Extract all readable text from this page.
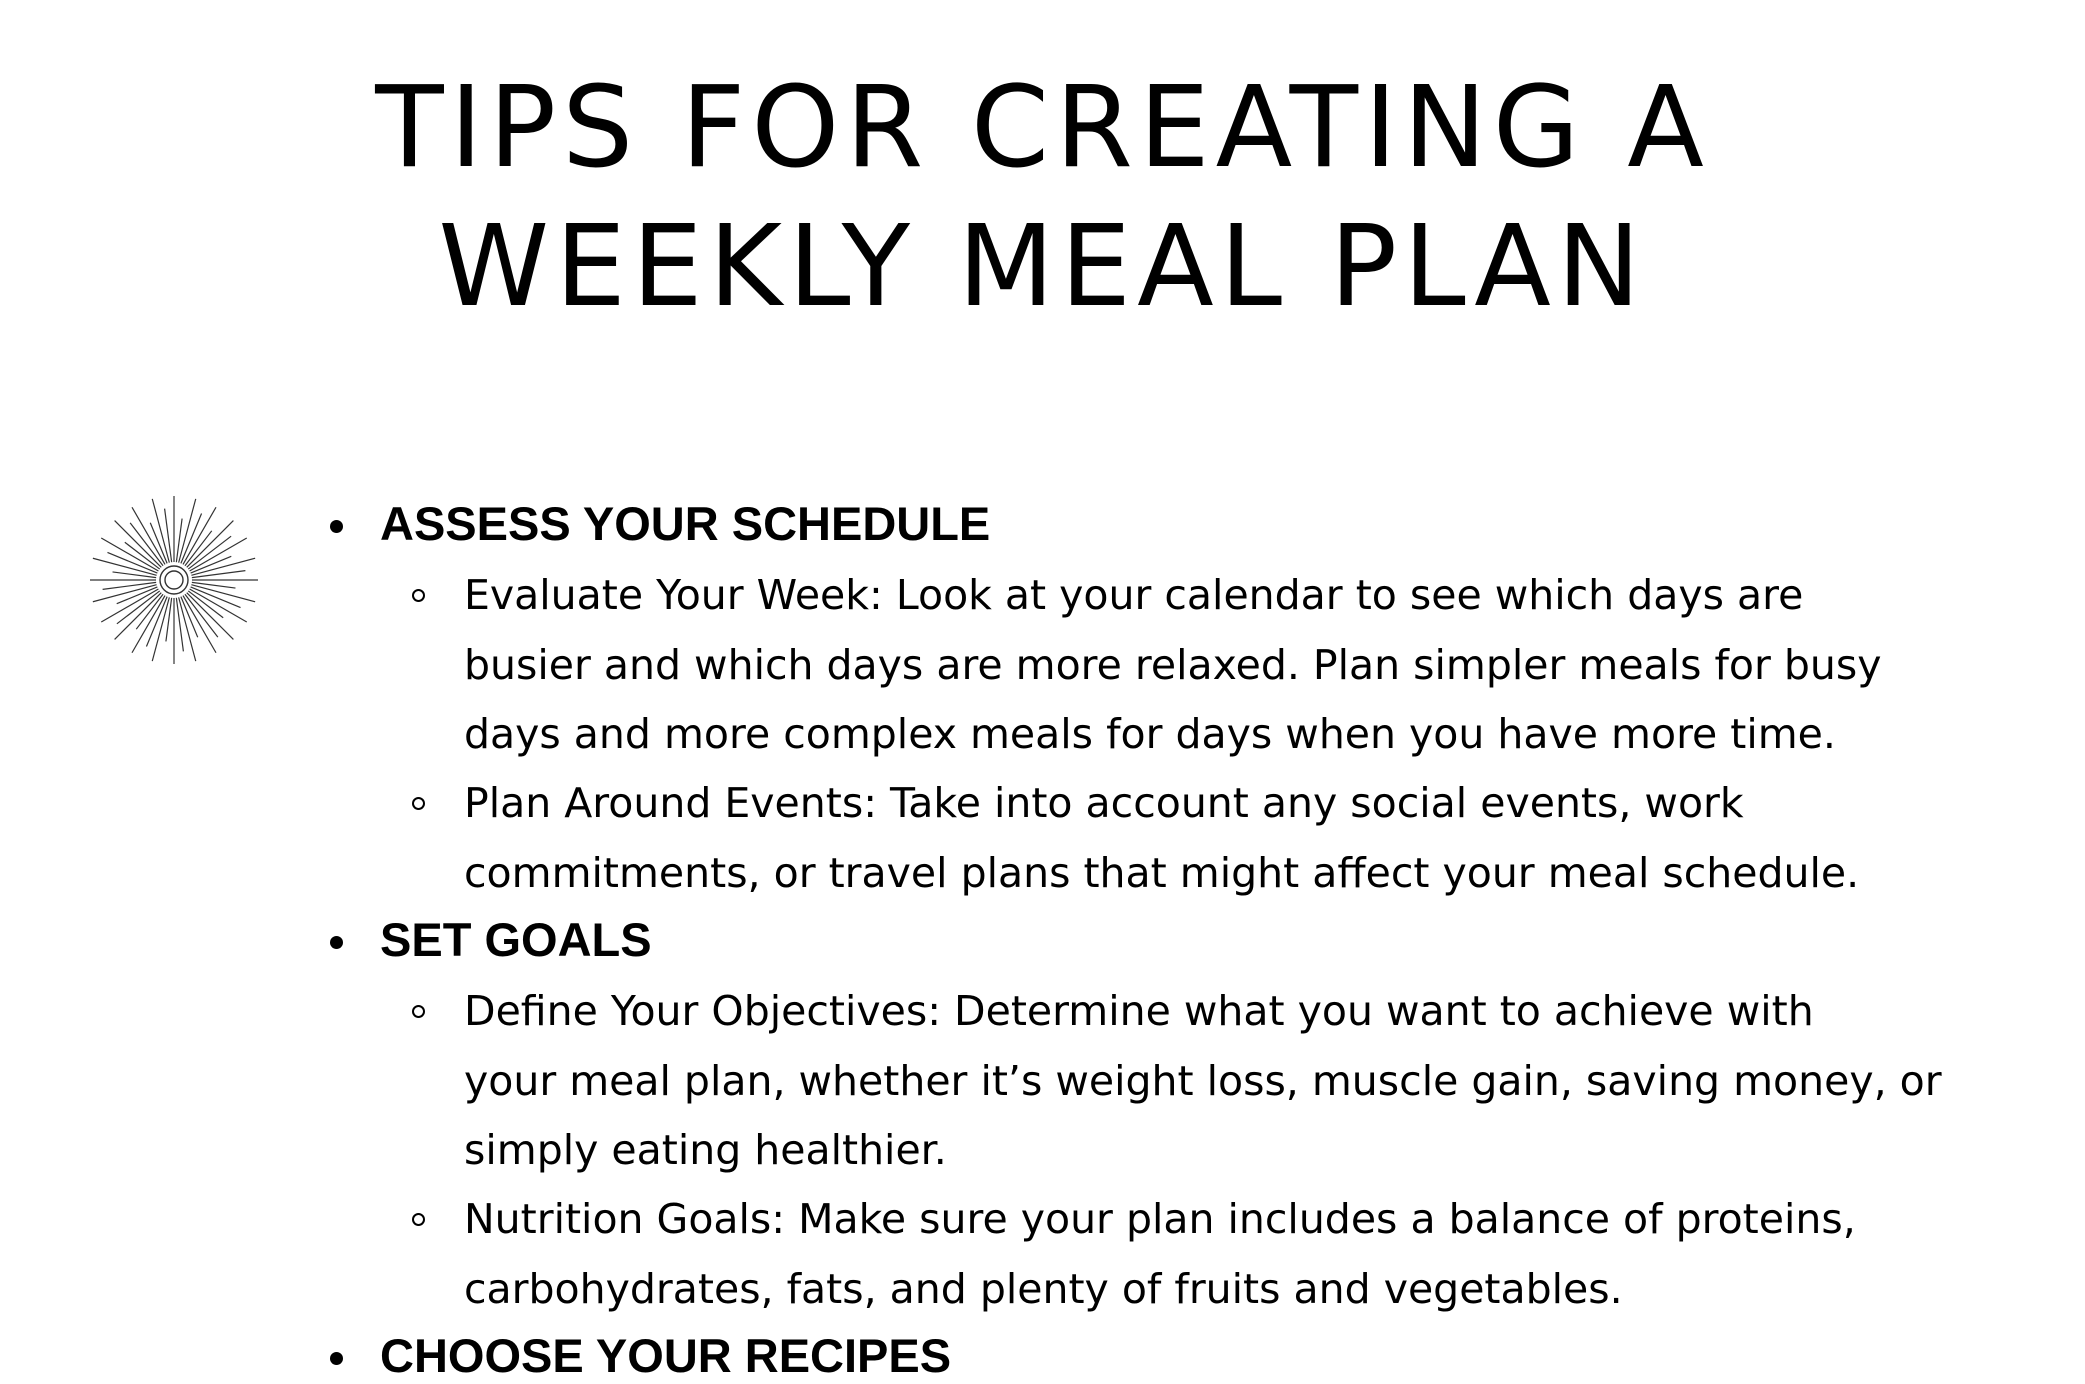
TIPS FOR CREATING A
WEEKLY MEAL PLAN
ASSESS YOUR SCHEDULE
Evaluate Your Week: Look at your calendar to see which days are
busier and which days are more relaxed. Plan simpler meals for busy
days and more complex meals for days when you have more time.
Plan Around Events: Take into account any social events, work
commitments, or travel plans that might affect your meal schedule.
SET GOALS
Define Your Objectives: Determine what you want to achieve with
your meal plan, whether it’s weight loss, muscle gain, saving money, or
simply eating healthier.
Nutrition Goals: Make sure your plan includes a balance of proteins,
carbohydrates, fats, and plenty of fruits and vegetables.
CHOOSE YOUR RECIPES
